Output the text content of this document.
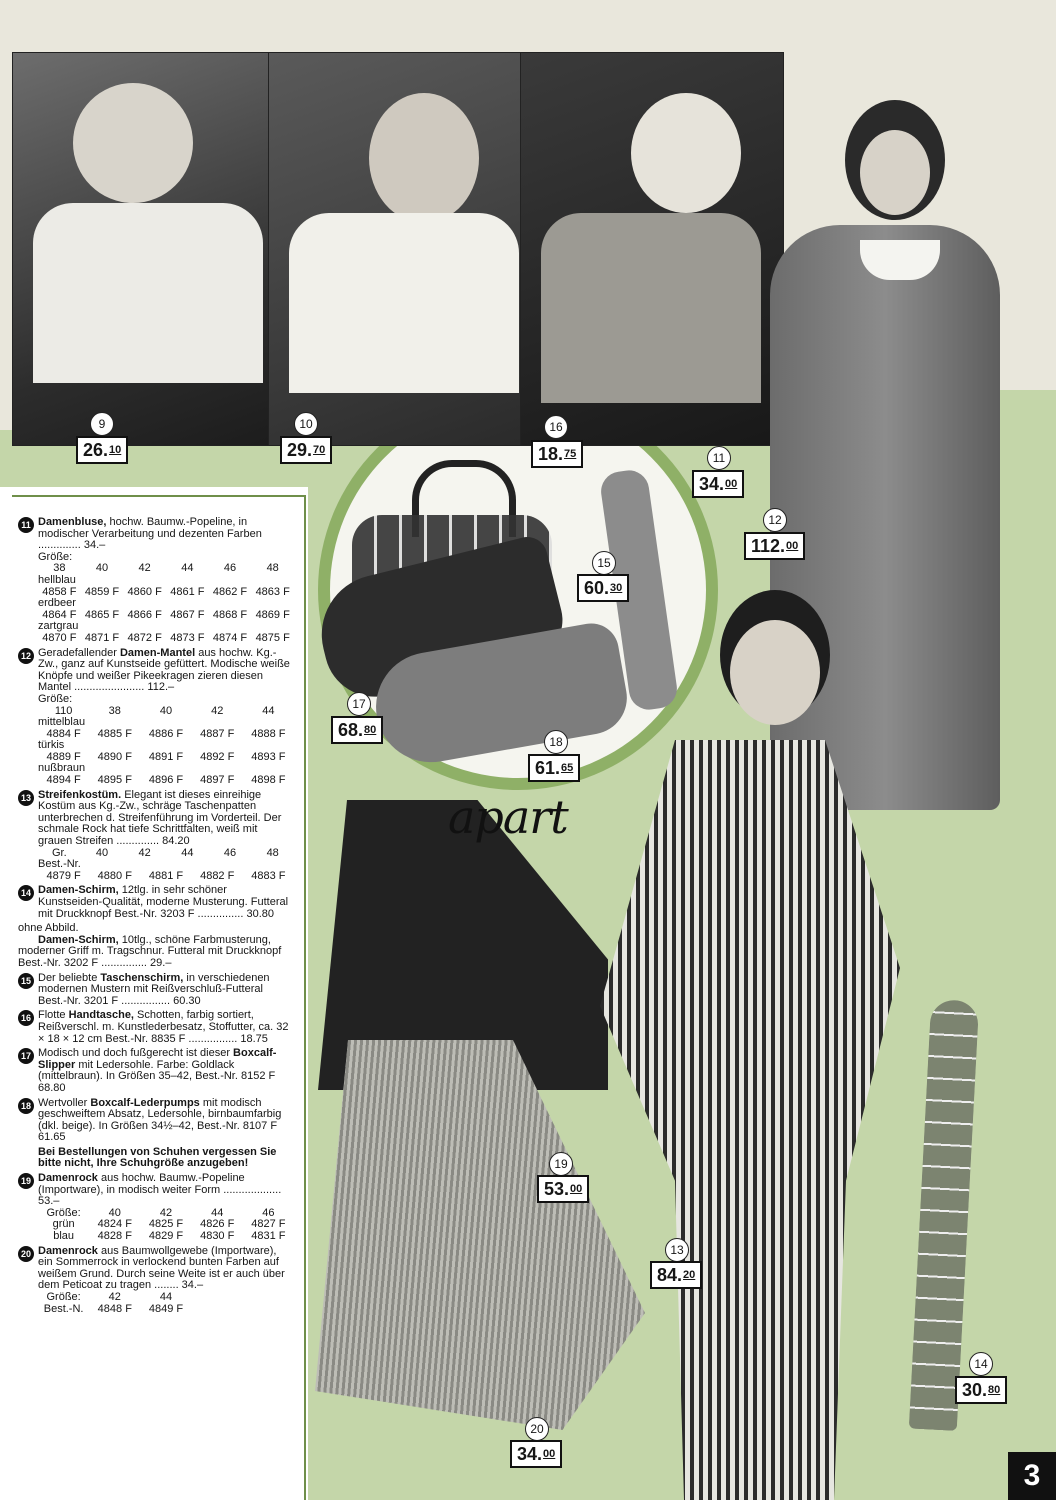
apart
9	10	16
11
12
15
17
18
19
13
14
20
26.10	29.70	18.75
34.00
112.00
60.30
68.80
61.65
53.00
84.20
30.80
34.00
11 Damenbluse, hochw. Baumw.-Popeline, in modischer Verarbeitung und dezenten Farben .............. 34.–
Größe:
38	40	42	44	46	48
hellblau
4858 F 4859 F 4860 F 4861 F 4862 F 4863 F
erdbeer
4864 F 4865 F 4866 F 4867 F 4868 F 4869 F
zartgrau
4870 F 4871 F 4872 F 4873 F 4874 F 4875 F
12 Geradefallender Damen-Mantel aus hochw. Kg.-Zw., ganz auf Kunstseide gefüttert. Modische weiße Knöpfe und weißer Pikeekragen zieren diesen Mantel ....................... 112.–
Größe:
110	38	40	42	44
mittelblau
4884 F	4885 F	4886 F	4887 F	4888 F
türkis
4889 F	4890 F	4891 F	4892 F	4893 F
nußbraun
4894 F	4895 F	4896 F	4897 F	4898 F
13 Streifenkostüm. Elegant ist dieses einreihige Kostüm aus Kg.-Zw., schräge Taschenpatten unterbrechen d. Streifenführung im Vorderteil. Der schmale Rock hat tiefe Schrittfalten, weiß mit grauen Streifen .............. 84.20
Gr.	40	42	44	46	48
Best.-Nr.
4879 F	4880 F	4881 F	4882 F	4883 F
14 Damen-Schirm, 12tlg. in sehr schöner Kunstseiden-Qualität, moderne Musterung. Futteral mit Druckknopf Best.-Nr. 3203 F ............... 30.80
ohne Abbild.
Damen-Schirm, 10tlg., schöne Farbmusterung, moderner Griff m. Tragschnur. Futteral mit Druckknopf Best.-Nr. 3202 F ............... 29.–
15 Der beliebte Taschenschirm, in verschiedenen modernen Mustern mit Reißverschluß-Futteral Best.-Nr. 3201 F ................ 60.30
16 Flotte Handtasche, Schotten, farbig sortiert, Reißverschl. m. Kunstlederbesatz, Stoffutter, ca. 32 × 18 × 12 cm Best.-Nr. 8835 F ................ 18.75
17 Modisch und doch fußgerecht ist dieser Boxcalf-Slipper mit Ledersohle. Farbe: Goldlack (mittelbraun). In Größen 35–42, Best.-Nr. 8152 F 68.80
18 Wertvoller Boxcalf-Lederpumps mit modisch geschweiftem Absatz, Ledersohle, birnbaumfarbig (dkl. beige). In Größen 34½–42, Best.-Nr. 8107 F 61.65
Bei Bestellungen von Schuhen vergessen Sie bitte nicht, Ihre Schuhgröße anzugeben!
19 Damenrock aus hochw. Baumw.-Popeline (Importware), in modisch weiter Form ................... 53.–
Größe:	40	42	44	46
grün	4824 F	4825 F	4826 F	4827 F
blau	4828 F	4829 F	4830 F	4831 F
20 Damenrock aus Baumwollgewebe (Importware), ein Sommerrock in verlockend bunten Farben auf weißem Grund. Durch seine Weite ist er auch über dem Peticoat zu tragen ........ 34.–
Größe:	42	44
Best.-N.	4848 F	4849 F
3
